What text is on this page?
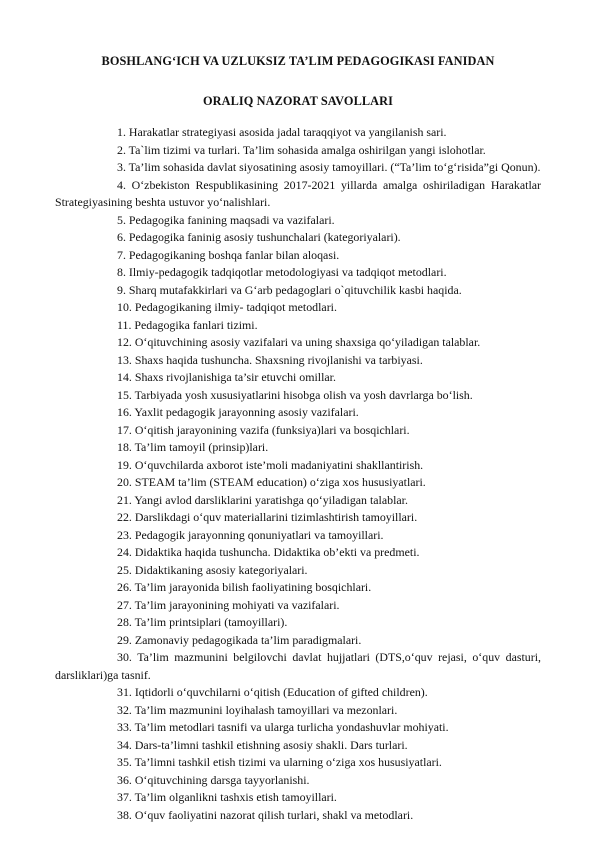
BOSHLANG‘ICH VA UZLUKSIZ TA’LIM PEDAGOGIKASI FANIDAN
ORALIQ NAZORAT SAVOLLARI
1. Harakatlar strategiyasi asosida jadal taraqqiyot va yangilanish sari.
2. Ta`lim tizimi va turlari. Ta’lim sohasida amalga oshirilgan yangi islohotlar.
3. Ta’lim sohasida davlat siyosatining asosiy tamoyillari. (“Ta’lim to‘g‘risida”gi Qonun).
4. O‘zbekiston Respublikasining 2017-2021 yillarda amalga oshiriladigan Harakatlar Strategiyasining beshta ustuvor yo‘nalishlari.
5. Pedagogika fanining maqsadi va vazifalari.
6. Pedagogika faninig asosiy tushunchalari (kategoriyalari).
7. Pedagogikaning boshqa fanlar bilan aloqasi.
8. Ilmiy-pedagogik tadqiqotlar metodologiyasi va tadqiqot metodlari.
9. Sharq mutafakkirlari va G‘arb pedagoglari o`qituvchilik kasbi haqida.
10. Pedagogikaning ilmiy- tadqiqot metodlari.
11. Pedagogika fanlari tizimi.
12. O‘qituvchining asosiy vazifalari va uning shaxsiga qo‘yiladigan talablar.
13. Shaxs haqida tushuncha. Shaxsning rivojlanishi va tarbiyasi.
14. Shaxs rivojlanishiga ta’sir etuvchi omillar.
15. Tarbiyada yosh xususiyatlarini hisobga olish va yosh davrlarga bo‘lish.
16. Yaxlit pedagogik jarayonning asosiy vazifalari.
17. O‘qitish jarayonining vazifa (funksiya)lari va bosqichlari.
18. Ta’lim tamoyil (prinsip)lari.
19. O‘quvchilarda axborot iste’moli madaniyatini shakllantirish.
20. STEAM ta’lim (STEAM education) o‘ziga xos hususiyatlari.
21. Yangi avlod darsliklarini yaratishga qo‘yiladigan talablar.
22. Darslikdagi o‘quv materiallarini tizimlashtirish tamoyillari.
23. Pedagogik jarayonning qonuniyatlari va tamoyillari.
24. Didaktika haqida tushuncha. Didaktika ob’ekti va predmeti.
25. Didaktikaning asosiy kategoriyalari.
26. Ta’lim jarayonida bilish faoliyatining bosqichlari.
27. Ta’lim jarayonining mohiyati va vazifalari.
28. Ta’lim printsiplari (tamoyillari).
29. Zamonaviy pedagogikada ta’lim paradigmalari.
30. Ta’lim mazmunini belgilovchi davlat hujjatlari (DTS,o‘quv rejasi, o‘quv dasturi, darsliklari)ga tasnif.
31. Iqtidorli o‘quvchilarni o‘qitish (Education of gifted children).
32. Ta’lim mazmunini loyihalash tamoyillari va mezonlari.
33. Ta’lim metodlari tasnifi va ularga turlicha yondashuvlar mohiyati.
34. Dars-ta’limni tashkil etishning asosiy shakli. Dars turlari.
35. Ta’limni tashkil etish tizimi va ularning o‘ziga xos hususiyatlari.
36. O‘qituvchining darsga tayyorlanishi.
37. Ta’lim olganlikni tashxis etish tamoyillari.
38. O‘quv faoliyatini nazorat qilish turlari, shakl va metodlari.
